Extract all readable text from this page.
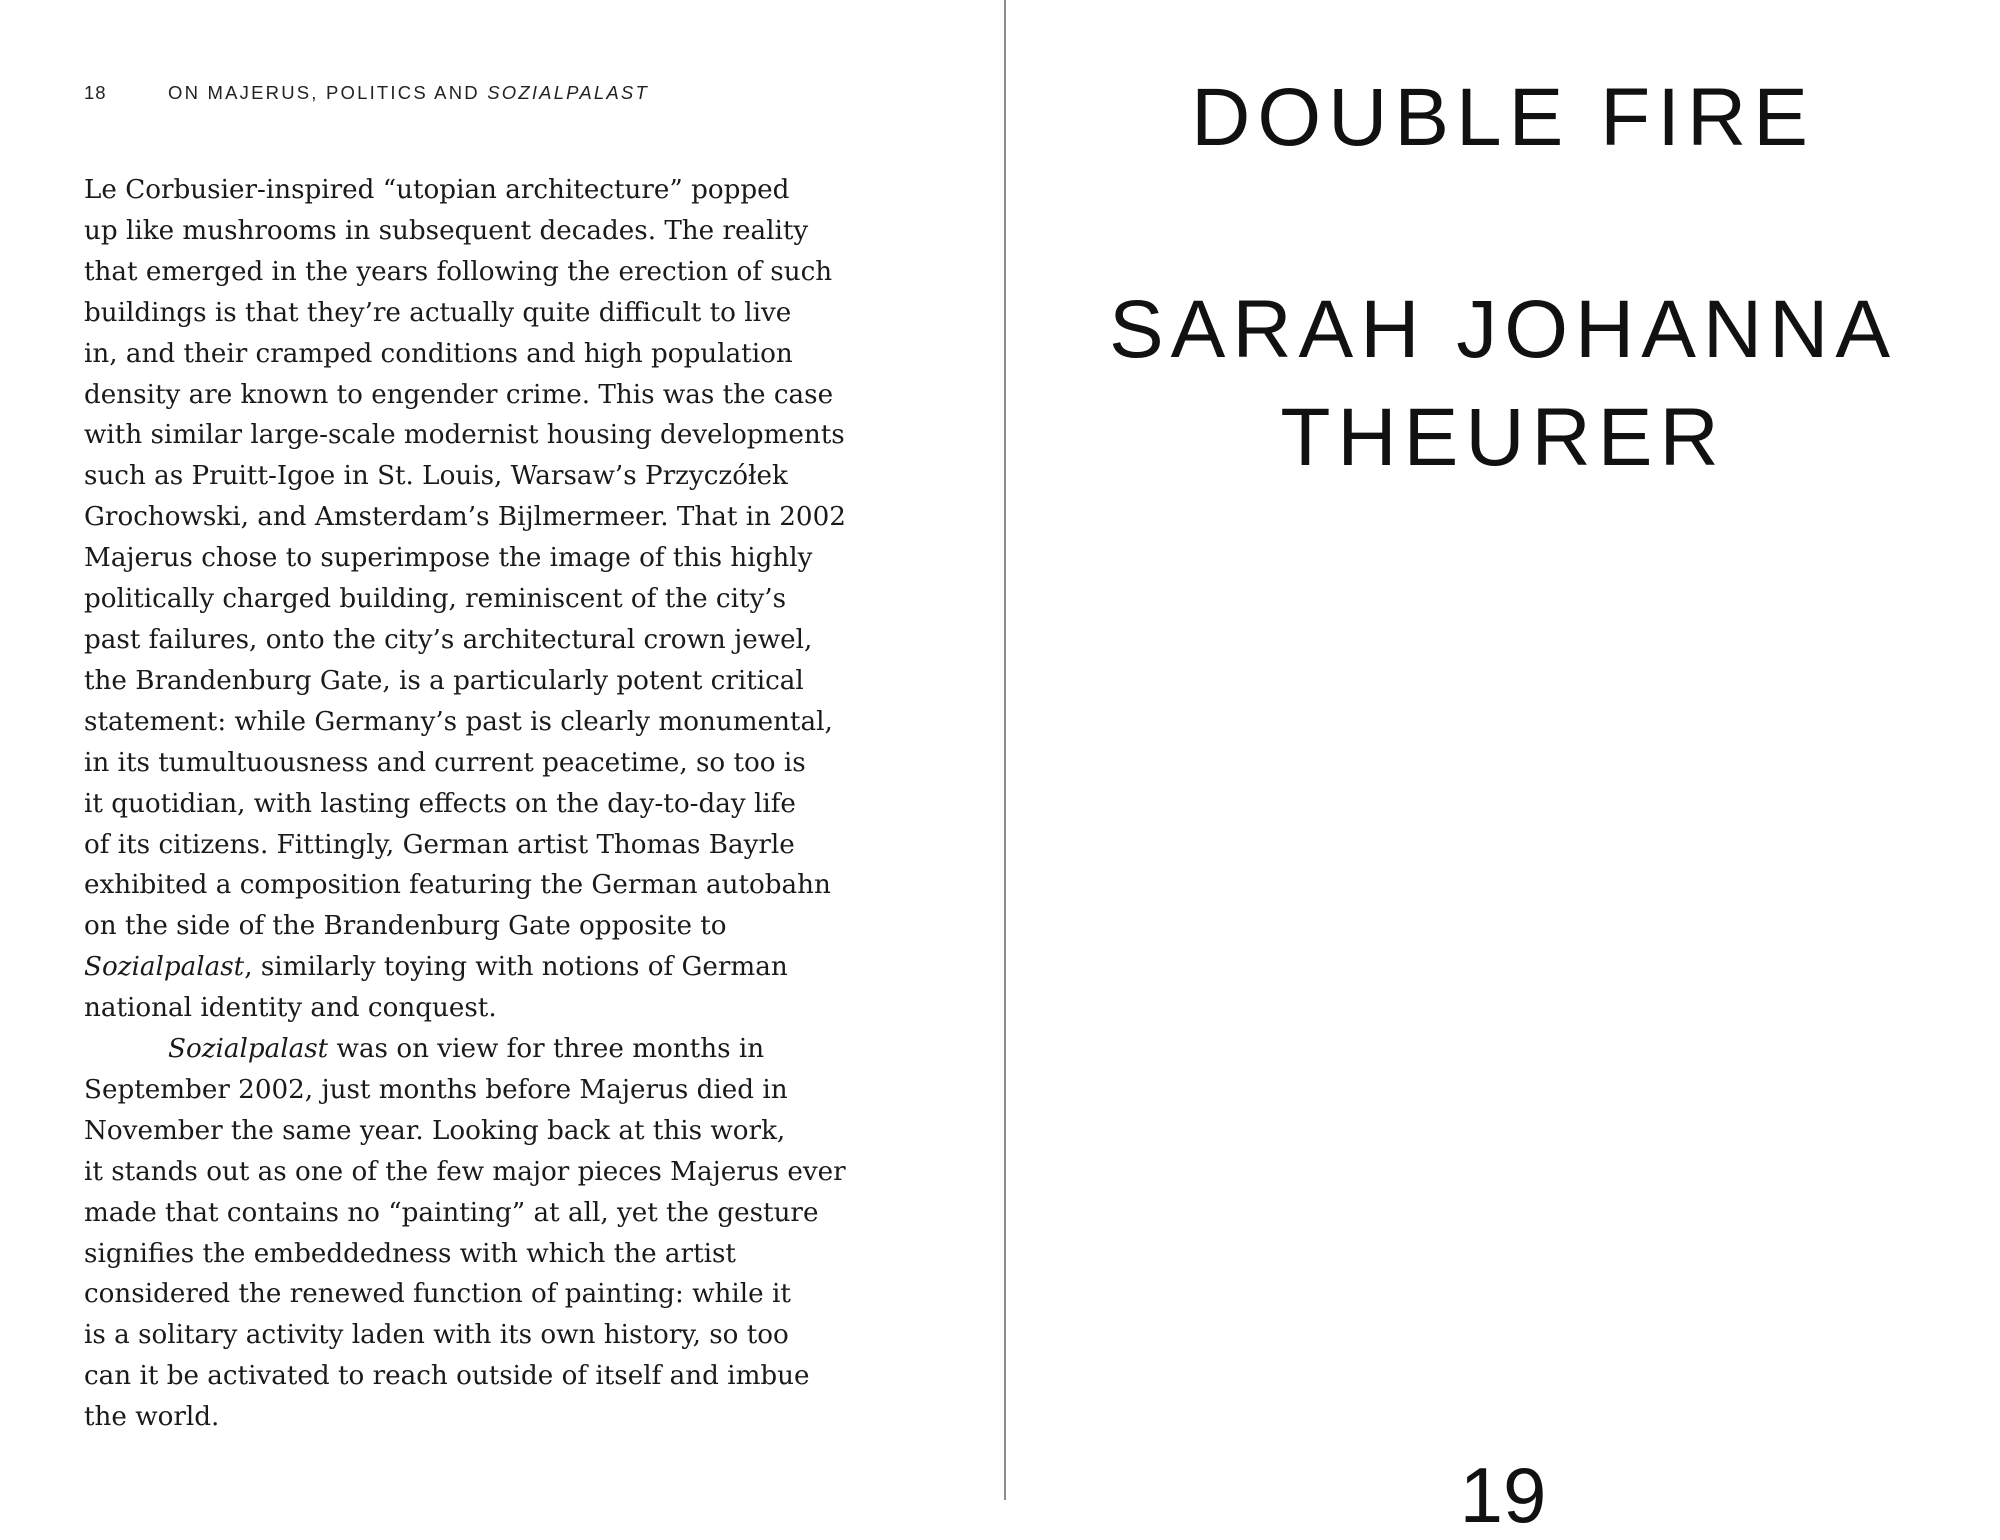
18	ON MAJERUS, POLITICS AND SOZIALPALAST
Le Corbusier-inspired “utopian architecture” popped
up like mushrooms in subsequent decades. The reality
that emerged in the years following the erection of such
buildings is that they’re actually quite difficult to live
in, and their cramped conditions and high population
density are known to engender crime. This was the case
with similar large-scale modernist housing developments
such as Pruitt-Igoe in St. Louis, Warsaw’s Przyczółek
Grochowski, and Amsterdam’s Bijlmermeer. That in 2002
Majerus chose to superimpose the image of this highly
politically charged building, reminiscent of the city’s
past failures, onto the city’s architectural crown jewel,
the Brandenburg Gate, is a particularly potent critical
statement: while Germany’s past is clearly monumental,
in its tumultuousness and current peacetime, so too is
it quotidian, with lasting effects on the day-to-day life
of its citizens. Fittingly, German artist Thomas Bayrle
exhibited a composition featuring the German autobahn
on the side of the Brandenburg Gate opposite to
Sozialpalast, similarly toying with notions of German
national identity and conquest.
Sozialpalast was on view for three months in
September 2002, just months before Majerus died in
November the same year. Looking back at this work,
it stands out as one of the few major pieces Majerus ever
made that contains no “painting” at all, yet the gesture
signifies the embeddedness with which the artist
considered the renewed function of painting: while it
is a solitary activity laden with its own history, so too
can it be activated to reach outside of itself and imbue
the world.
DOUBLE FIRE
SARAH JOHANNA
THEURER
19
